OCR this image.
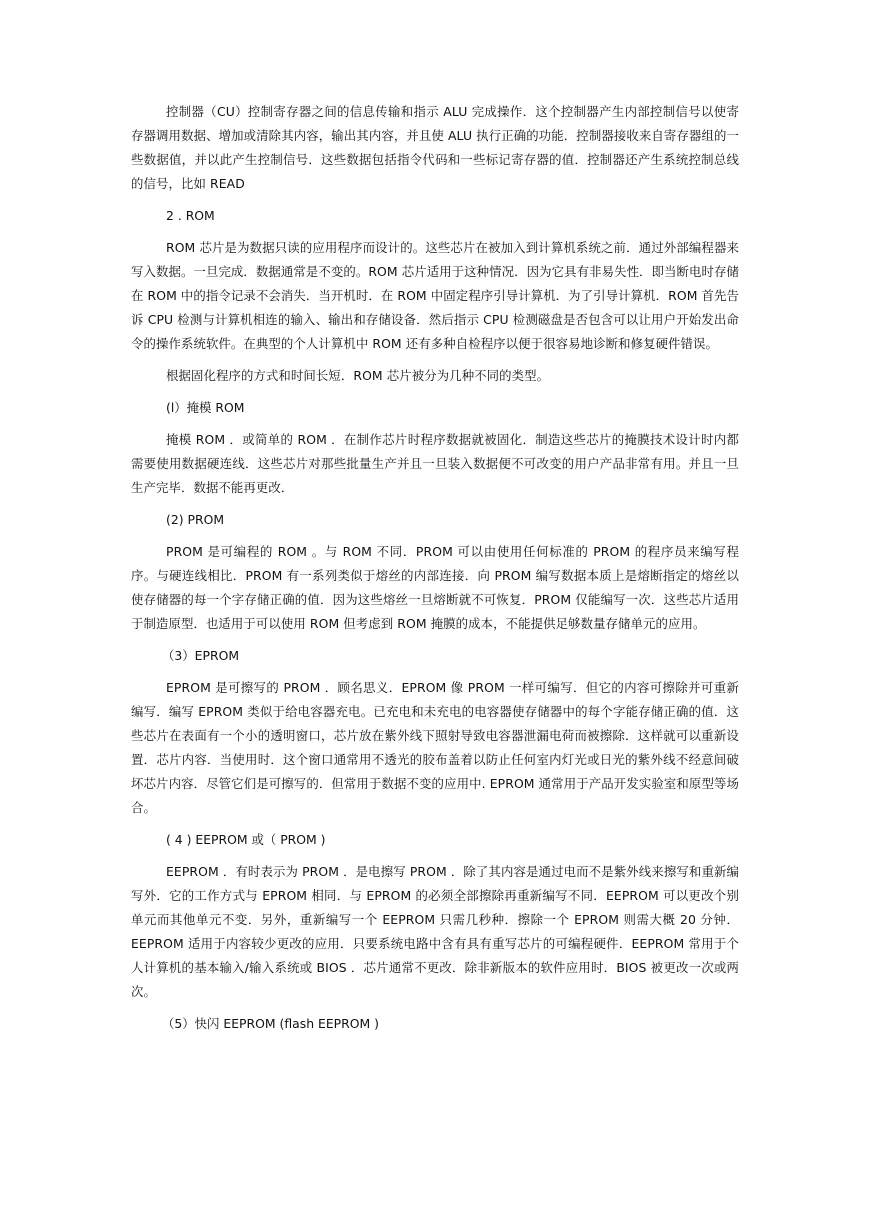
控制器（CU）控制寄存器之间的信息传输和指示 ALU 完成操作．这个控制器产生内部控制信号以使寄存器调用数据、增加或清除其内容，输出其内容，并且使 ALU 执行正确的功能．控制器接收来自寄存器组的一些数据值，并以此产生控制信号．这些数据包括指令代码和一些标记寄存器的值．控制器还产生系统控制总线的信号，比如 READ

2 . ROM

ROM 芯片是为数据只读的应用程序而设计的。这些芯片在被加入到计算机系统之前．通过外部编程器来写入数据。一旦完成．数据通常是不变的。ROM 芯片适用于这种情况．因为它具有非易失性．即当断电时存储在 ROM 中的指令记录不会消失．当开机时．在 ROM 中固定程序引导计算机．为了引导计算机．ROM 首先告诉 CPU 检测与计算机相连的输入、输出和存储设备．然后指示 CPU 检测磁盘是否包含可以让用户开始发出命令的操作系统软件。在典型的个人计算机中 ROM 还有多种自检程序以便于很容易地诊断和修复硬件错误。

根据固化程序的方式和时间长短．ROM 芯片被分为几种不同的类型。

(l）掩模 ROM

掩模 ROM ．或简单的 ROM ．在制作芯片时程序数据就被固化．制造这些芯片的掩膜技术设计时内都需要使用数据硬连线．这些芯片对那些批量生产并且一旦装入数据便不可改变的用户产品非常有用。并且一旦生产完毕．数据不能再更改．

(2) PROM

PROM 是可编程的 ROM 。与 ROM 不同．PROM 可以由使用任何标准的 PROM 的程序员来编写程序。与硬连线相比．PROM 有一系列类似于熔丝的内部连接．向 PROM 编写数据本质上是熔断指定的熔丝以使存储器的每一个字存储正确的值．因为这些熔丝一旦熔断就不可恢复．PROM 仅能编写一次．这些芯片适用于制造原型．也适用于可以使用 ROM 但考虑到 ROM 掩膜的成本，不能提供足够数量存储单元的应用。

（3）EPROM

EPROM 是可擦写的 PROM ．顾名思义．EPROM 像 PROM 一样可编写．但它的内容可擦除并可重新编写．编写 EPROM 类似于给电容器充电。已充电和未充电的电容器使存储器中的每个字能存储正确的值．这些芯片在表面有一个小的透明窗口，芯片放在紫外线下照射导致电容器泄漏电荷而被擦除．这样就可以重新设置．芯片内容．当使用时．这个窗口通常用不透光的胶布盖着以防止任何室内灯光或日光的紫外线不经意间破坏芯片内容．尽管它们是可擦写的．但常用于数据不变的应用中. EPROM 通常用于产品开发实验室和原型等场合。

( 4 ) EEPROM 或（ PROM )

EEPROM ．有时表示为 PROM ．是电擦写 PROM ．除了其内容是通过电而不是紫外线来擦写和重新编写外．它的工作方式与 EPROM 相同．与 EPROM 的必须全部擦除再重新编写不同．EEPROM 可以更改个别单元而其他单元不变．另外，重新编写一个 EEPROM 只需几秒种．擦除一个 EPROM 则需大概 20 分钟．EEPROM 适用于内容较少更改的应用．只要系统电路中含有具有重写芯片的可编程硬件．EEPROM 常用于个人计算机的基本输入/输入系统或 BIOS ．芯片通常不更改．除非新版本的软件应用时．BIOS 被更改一次或两次。

（5）快闪 EEPROM (flash EEPROM )
